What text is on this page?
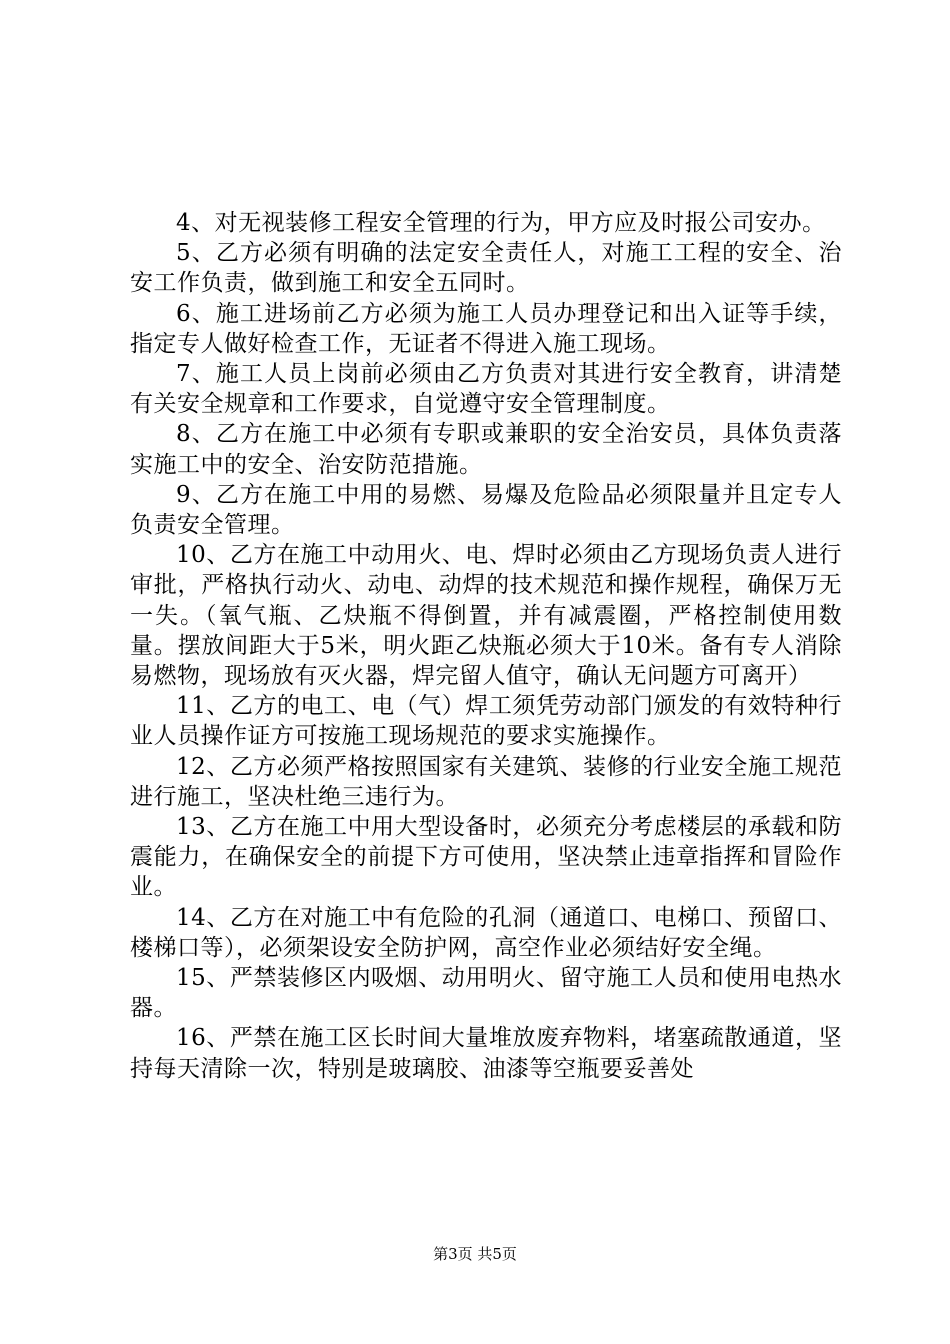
4、对无视装修工程安全管理的行为，甲方应及时报公司安办。

5、乙方必须有明确的法定安全责任人，对施工工程的安全、治安工作负责，做到施工和安全五同时。

6、施工进场前乙方必须为施工人员办理登记和出入证等手续，指定专人做好检查工作，无证者不得进入施工现场。

7、施工人员上岗前必须由乙方负责对其进行安全教育，讲清楚有关安全规章和工作要求，自觉遵守安全管理制度。

8、乙方在施工中必须有专职或兼职的安全治安员，具体负责落实施工中的安全、治安防范措施。

9、乙方在施工中用的易燃、易爆及危险品必须限量并且定专人负责安全管理。

10、乙方在施工中动用火、电、焊时必须由乙方现场负责人进行审批，严格执行动火、动电、动焊的技术规范和操作规程，确保万无一失。（氧气瓶、乙炔瓶不得倒置，并有减震圈，严格控制使用数量。摆放间距大于5米，明火距乙炔瓶必须大于10米。备有专人消除易燃物，现场放有灭火器，焊完留人值守，确认无问题方可离开）

11、乙方的电工、电（气）焊工须凭劳动部门颁发的有效特种行业人员操作证方可按施工现场规范的要求实施操作。

12、乙方必须严格按照国家有关建筑、装修的行业安全施工规范进行施工，坚决杜绝三违行为。

13、乙方在施工中用大型设备时，必须充分考虑楼层的承载和防震能力，在确保安全的前提下方可使用，坚决禁止违章指挥和冒险作业。

14、乙方在对施工中有危险的孔洞（通道口、电梯口、预留口、楼梯口等），必须架设安全防护网，高空作业必须结好安全绳。

15、严禁装修区内吸烟、动用明火、留守施工人员和使用电热水器。

16、严禁在施工区长时间大量堆放废弃物料，堵塞疏散通道，坚持每天清除一次，特别是玻璃胶、油漆等空瓶要妥善处

第3页 共5页
